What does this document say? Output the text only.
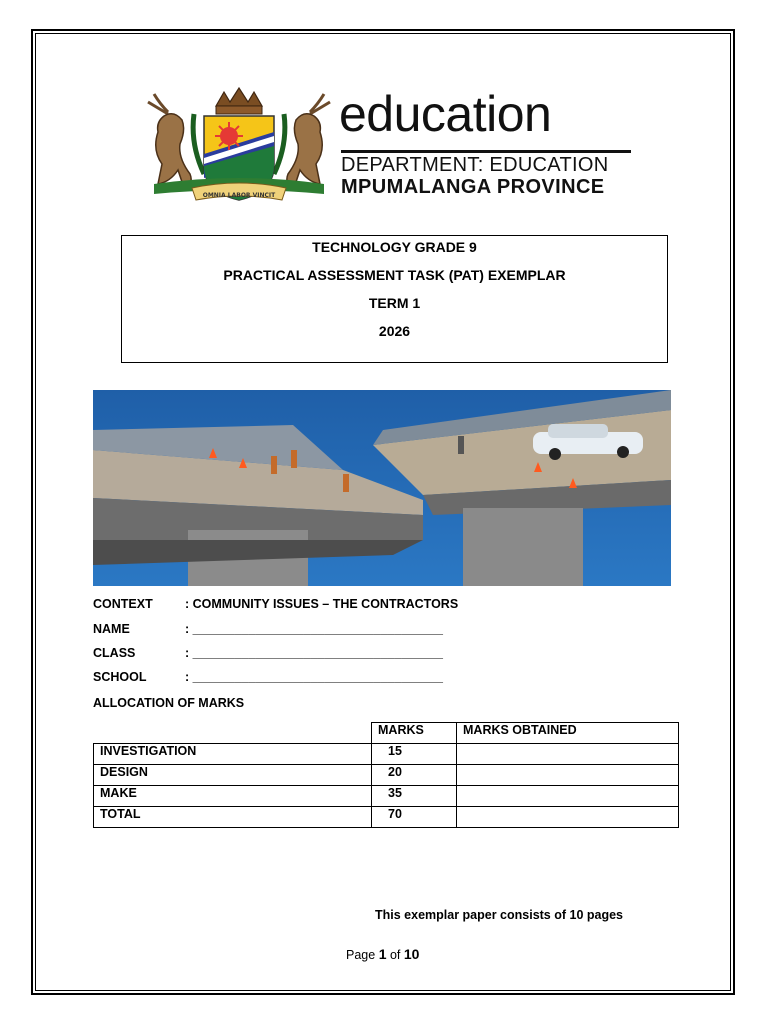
OMNIA LABOR VINCIT
education
DEPARTMENT: EDUCATION
MPUMALANGA PROVINCE
TECHNOLOGY GRADE 9
PRACTICAL ASSESSMENT TASK (PAT) EXEMPLAR
TERM 1
2026
CONTEXT	: COMMUNITY ISSUES – THE CONTRACTORS
NAME	: ____________________________________
CLASS	: ____________________________________
SCHOOL	: ____________________________________
ALLOCATION OF MARKS
	MARKS	MARKS OBTAINED
INVESTIGATION	15	
DESIGN	20	
MAKE	35	
TOTAL	70	
This exemplar paper consists of 10 pages
Page 1 of 10
